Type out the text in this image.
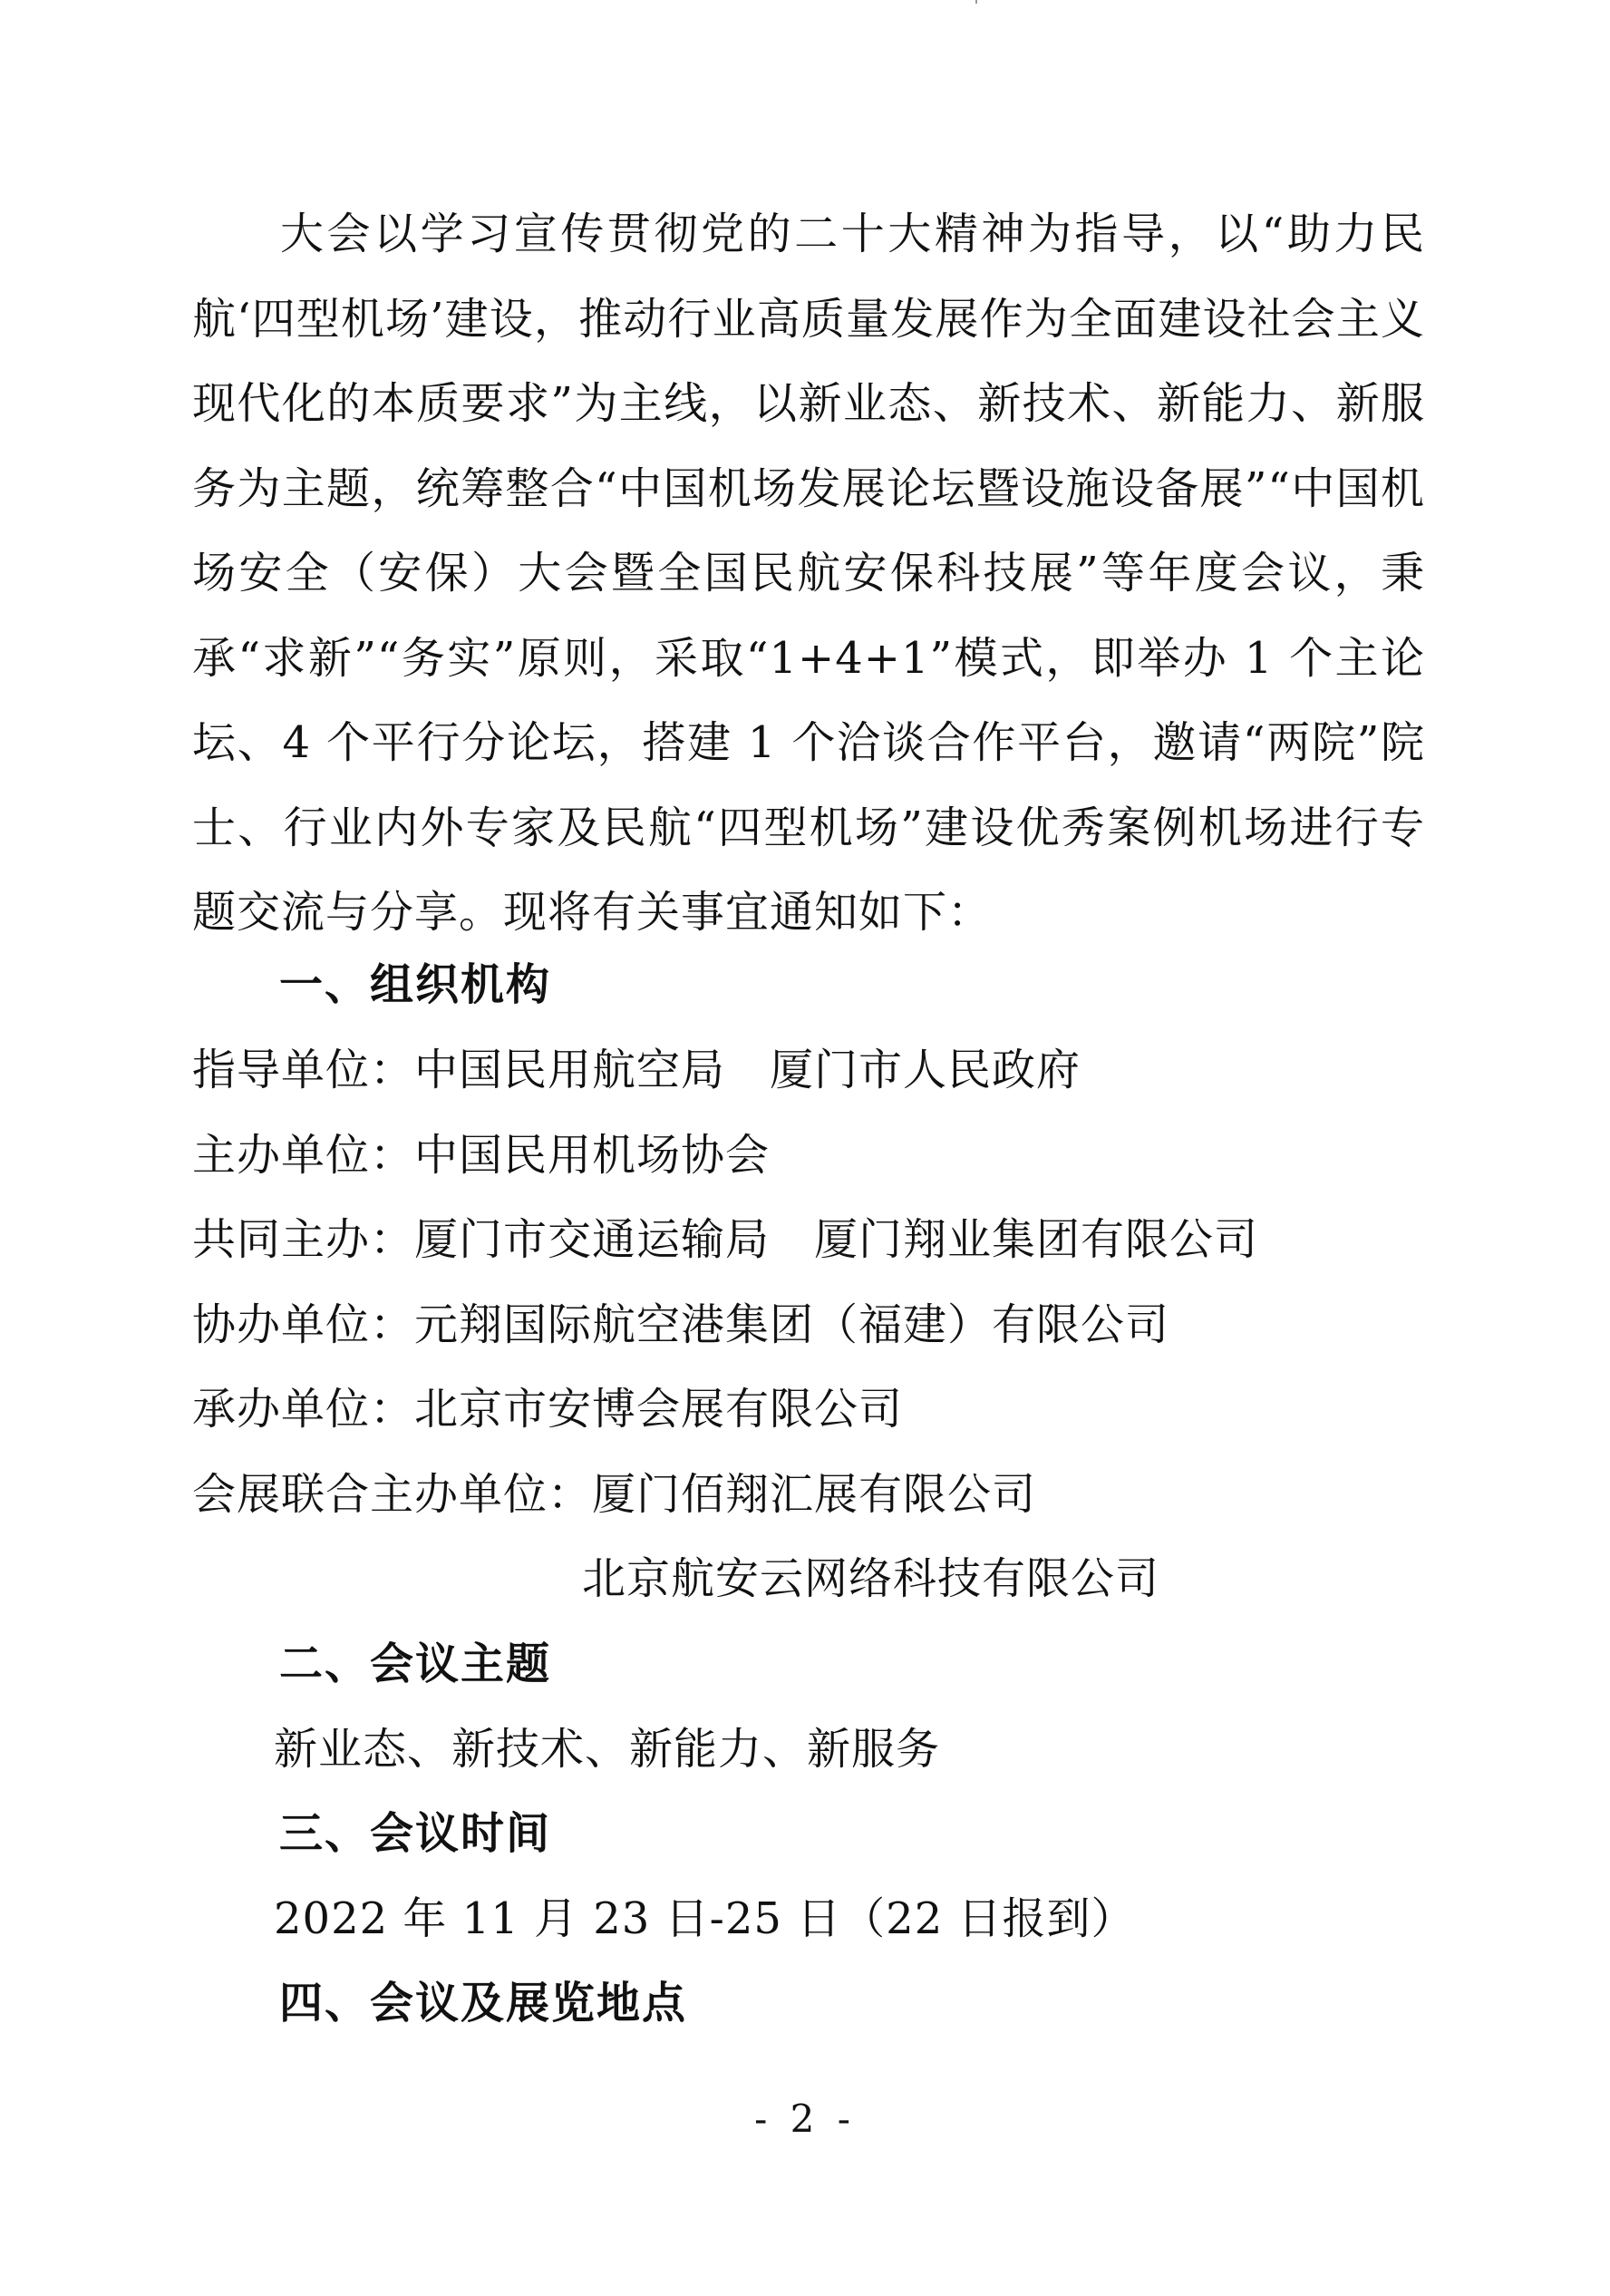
大会以学习宣传贯彻党的二十大精神为指导，以“助力民航‘四型机场’建设，推动行业高质量发展作为全面建设社会主义现代化的本质要求”为主线，以新业态、新技术、新能力、新服务为主题，统筹整合“中国机场发展论坛暨设施设备展”“中国机场安全（安保）大会暨全国民航安保科技展”等年度会议，秉承“求新”“务实”原则，采取“1+4+1”模式，即举办 1 个主论坛、4 个平行分论坛，搭建 1 个洽谈合作平台，邀请“两院”院士、行业内外专家及民航“四型机场”建设优秀案例机场进行专题交流与分享。现将有关事宜通知如下：

一、组织机构
指导单位：中国民用航空局　厦门市人民政府
主办单位：中国民用机场协会
共同主办：厦门市交通运输局　厦门翔业集团有限公司
协办单位：元翔国际航空港集团（福建）有限公司
承办单位：北京市安博会展有限公司
会展联合主办单位：厦门佰翔汇展有限公司
北京航安云网络科技有限公司
二、会议主题
新业态、新技术、新能力、新服务
三、会议时间
2022 年 11 月 23 日-25 日（22 日报到）
四、会议及展览地点
- 2 -
